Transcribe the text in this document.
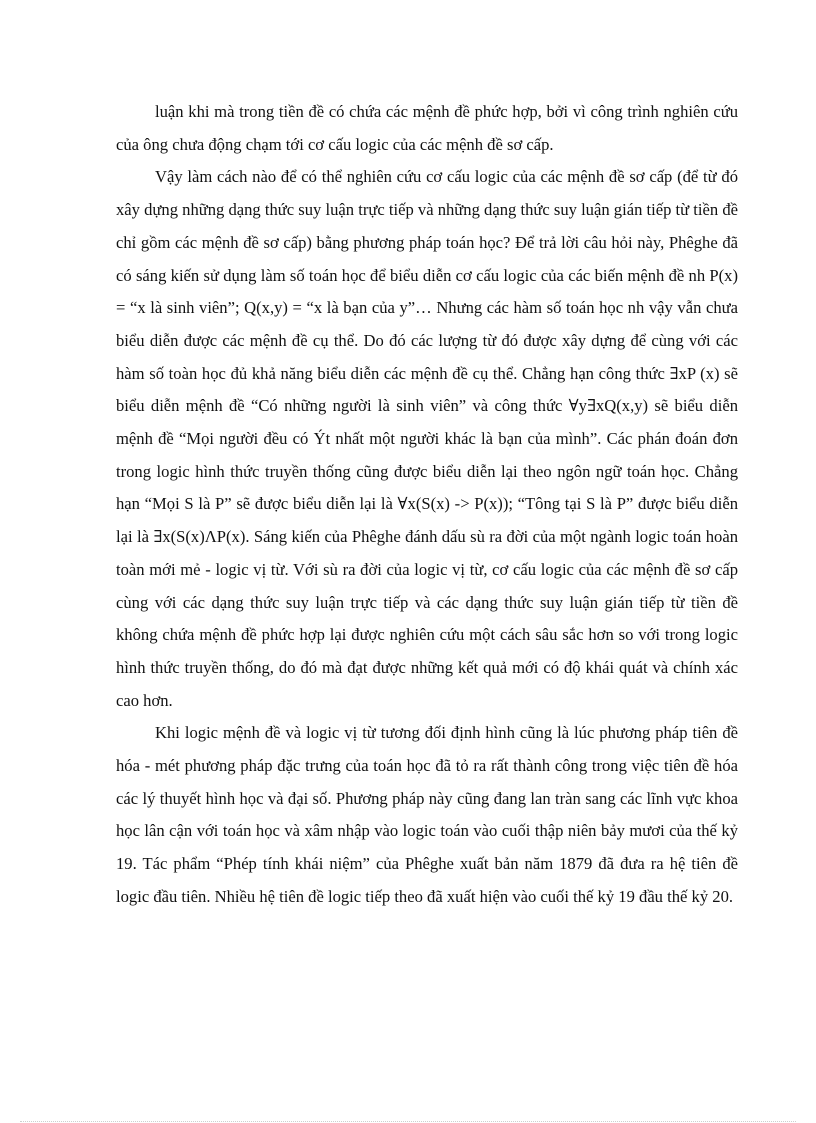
luận khi mà trong tiền đề có chứa các mệnh đề phức hợp, bởi vì công trình nghiên cứu của ông chưa động chạm tới cơ cấu logic của các mệnh đề sơ cấp.

Vậy làm cách nào để có thể nghiên cứu cơ cấu logic của các mệnh đề sơ cấp (để từ đó xây dựng những dạng thức suy luận trực tiếp và những dạng thức suy luận gián tiếp từ tiền đề chỉ gồm các mệnh đề sơ cấp) bằng phương pháp toán học? Để trả lời câu hỏi này, Phêghe đã có sáng kiến sử dụng làm số toán học để biểu diễn cơ cấu logic của các biến mệnh đề nh P(x) = “x là sinh viên”; Q(x,y) = “x là bạn của y”… Nhưng các hàm số toán học nh vậy vẫn chưa biểu diễn được các mệnh đề cụ thể. Do đó các lượng từ đó được xây dựng để cùng với các hàm số toàn học đủ khả năng biểu diễn các mệnh đề cụ thể. Chẳng hạn công thức ∃xP (x) sẽ biểu diễn mệnh đề “Có những người là sinh viên” và công thức ∀y∃xQ(x,y) sẽ biểu diễn mệnh đề “Mọi người đều có Ýt nhất một người khác là bạn của mình”. Các phán đoán đơn trong logic hình thức truyền thống cũng được biểu diễn lại theo ngôn ngữ toán học. Chẳng hạn “Mọi S là P” sẽ được biểu diễn lại là ∀x(S(x) -> P(x)); “Tông tại S là P” được biểu diễn lại là ∃x(S(x)ΛP(x). Sáng kiến của Phêghe đánh dấu sù ra đời của một ngành logic toán hoàn toàn mới mẻ - logic vị từ. Với sù ra đời của logic vị từ, cơ cấu logic của các mệnh đề sơ cấp cùng với các dạng thức suy luận trực tiếp và các dạng thức suy luận gián tiếp từ tiền đề không chứa mệnh đề phức hợp lại được nghiên cứu một cách sâu sắc hơn so với trong logic hình thức truyền thống, do đó mà đạt được những kết quả mới có độ khái quát và chính xác cao hơn.

Khi logic mệnh đề và logic vị từ tương đối định hình cũng là lúc phương pháp tiên đề hóa - mét phương pháp đặc trưng của toán học đã tỏ ra rất thành công trong việc tiên đề hóa các lý thuyết hình học và đại số. Phương pháp này cũng đang lan tràn sang các lĩnh vực khoa học lân cận với toán học và xâm nhập vào logic toán vào cuối thập niên bảy mươi của thế kỷ 19. Tác phẩm “Phép tính khái niệm” của Phêghe xuất bản năm 1879 đã đưa ra hệ tiên đề logic đầu tiên. Nhiều hệ tiên đề logic tiếp theo đã xuất hiện vào cuối thế kỷ 19 đầu thế kỷ 20.
